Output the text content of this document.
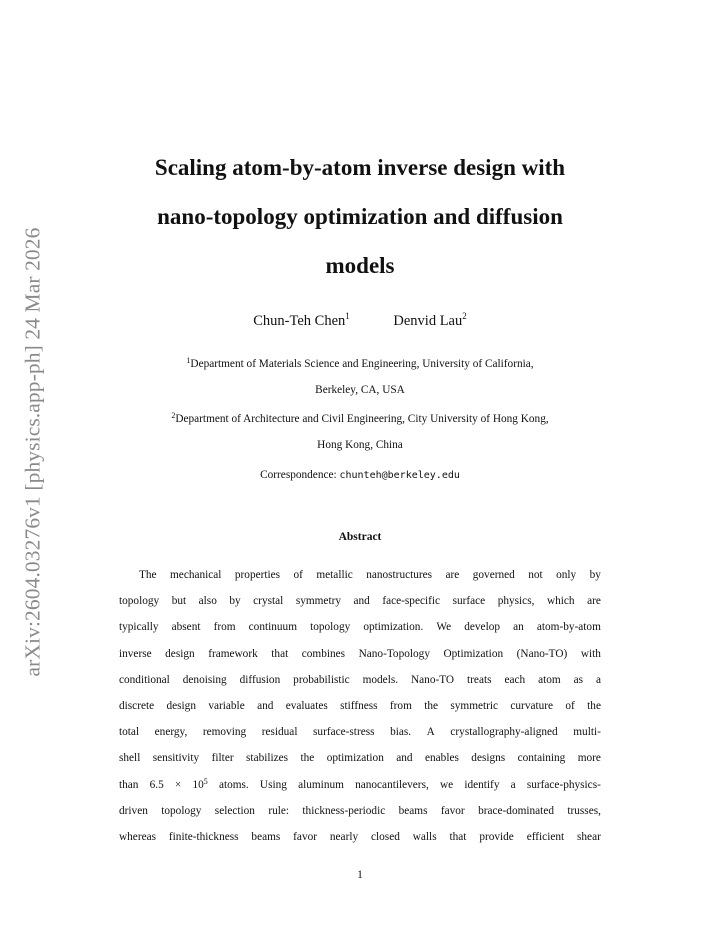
arXiv:2604.03276v1 [physics.app-ph] 24 Mar 2026
Scaling atom-by-atom inverse design with
nano-topology optimization and diffusion
models
Chun-Teh Chen$^1$	Denvid Lau$^2$
$^1$Department of Materials Science and Engineering, University of California,
Berkeley, CA, USA
$^2$Department of Architecture and Civil Engineering, City University of Hong Kong,
Hong Kong, China
Correspondence: chunteh@berkeley.edu
Abstract
The mechanical properties of metallic nanostructures are governed not only by
topology but also by crystal symmetry and face-specific surface physics, which are
typically absent from continuum topology optimization. We develop an atom-by-atom
inverse design framework that combines Nano-Topology Optimization (Nano-TO) with
conditional denoising diffusion probabilistic models. Nano-TO treats each atom as a
discrete design variable and evaluates stiffness from the symmetric curvature of the
total energy, removing residual surface-stress bias. A crystallography-aligned multi-
shell sensitivity filter stabilizes the optimization and enables designs containing more
than $6.5 \times 10^5$ atoms. Using aluminum nanocantilevers, we identify a surface-physics-
driven topology selection rule: thickness-periodic beams favor brace-dominated trusses,
whereas finite-thickness beams favor nearly closed walls that provide efficient shear
1
